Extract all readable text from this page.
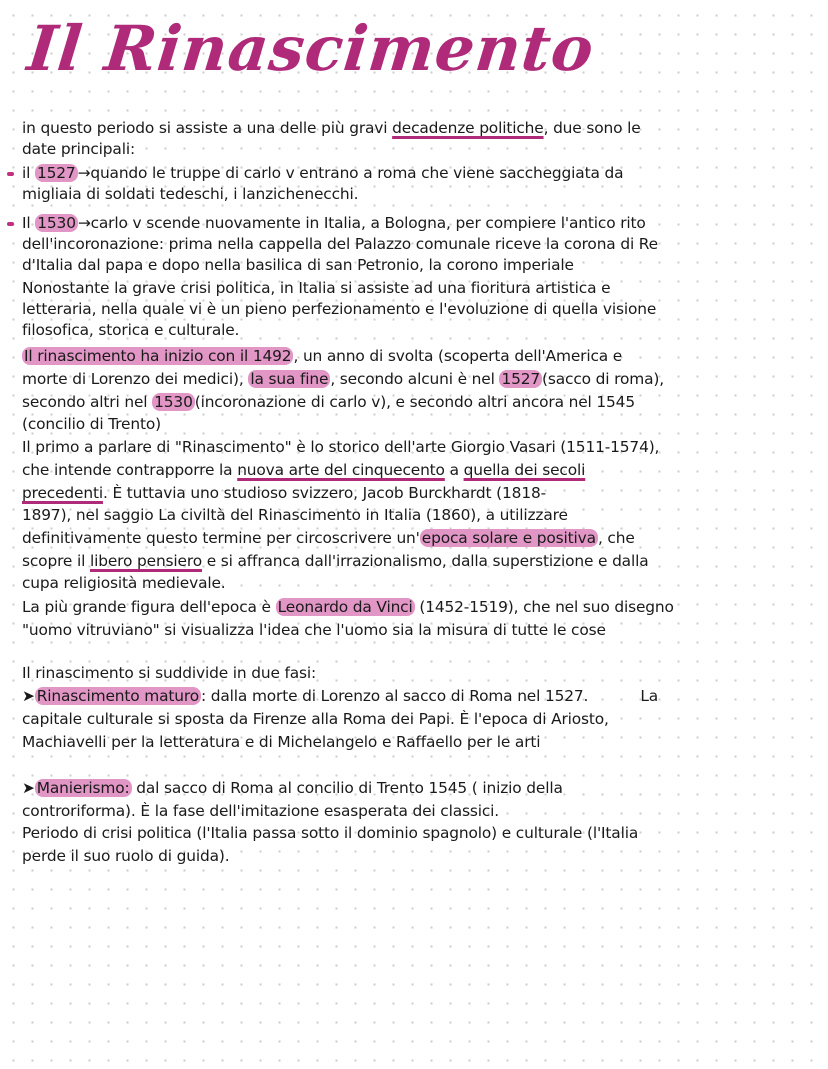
Il Rinascimento
in questo periodo si assiste a una delle più gravi decadenze politiche, due sono le
date principali:
il 1527 →quando le truppe di carlo v entrano a roma che viene saccheggiata da
migliaia di soldati tedeschi, i lanzichenecchi.
Il 1530 →carlo v scende nuovamente in Italia, a Bologna, per compiere l'antico rito
dell'incoronazione: prima nella cappella del Palazzo comunale riceve la corona di Re
d'Italia dal papa e dopo nella basilica di san Petronio, la corono imperiale
Nonostante la grave crisi politica, in Italia si assiste ad una fioritura artistica e
letteraria, nella quale vi è un pieno perfezionamento e l'evoluzione di quella visione
filosofica, storica e culturale.
Il rinascimento ha inizio con il 1492 , un anno di svolta (scoperta dell'America e
morte di Lorenzo dei medici), la sua fine , secondo alcuni è nel 1527 (sacco di roma),
secondo altri nel 1530 (incoronazione di carlo v), e secondo altri ancora nel 1545
(concilio di Trento)
Il primo a parlare di "Rinascimento" è lo storico dell'arte Giorgio Vasari (1511-1574),
che intende contrapporre la nuova arte del cinquecento a quella dei secoli
precedenti. È tuttavia uno studioso svizzero, Jacob Burckhardt (1818-
1897), nel saggio La civiltà del Rinascimento in Italia (1860), a utilizzare
definitivamente questo termine per circoscrivere un' epoca solare e positiva , che
scopre il libero pensiero e si affranca dall'irrazionalismo, dalla superstizione e dalla
cupa religiosità medievale.
La più grande figura dell'epoca è Leonardo da Vinci (1452-1519), che nel suo disegno
"uomo vitruviano" si visualizza l'idea che l'uomo sia la misura di tutte le cose
Il rinascimento si suddivide in due fasi:
➤ Rinascimento maturo : dalla morte di Lorenzo al sacco di Roma nel 1527.	La
capitale culturale si sposta da Firenze alla Roma dei Papi. È l'epoca di Ariosto,
Machiavelli per la letteratura e di Michelangelo e Raffaello per le arti
➤ Manierismo: dal sacco di Roma al concilio di Trento 1545 ( inizio della
controriforma). È la fase dell'imitazione esasperata dei classici.
Periodo di crisi politica (l'Italia passa sotto il dominio spagnolo) e culturale (l'Italia
perde il suo ruolo di guida).
